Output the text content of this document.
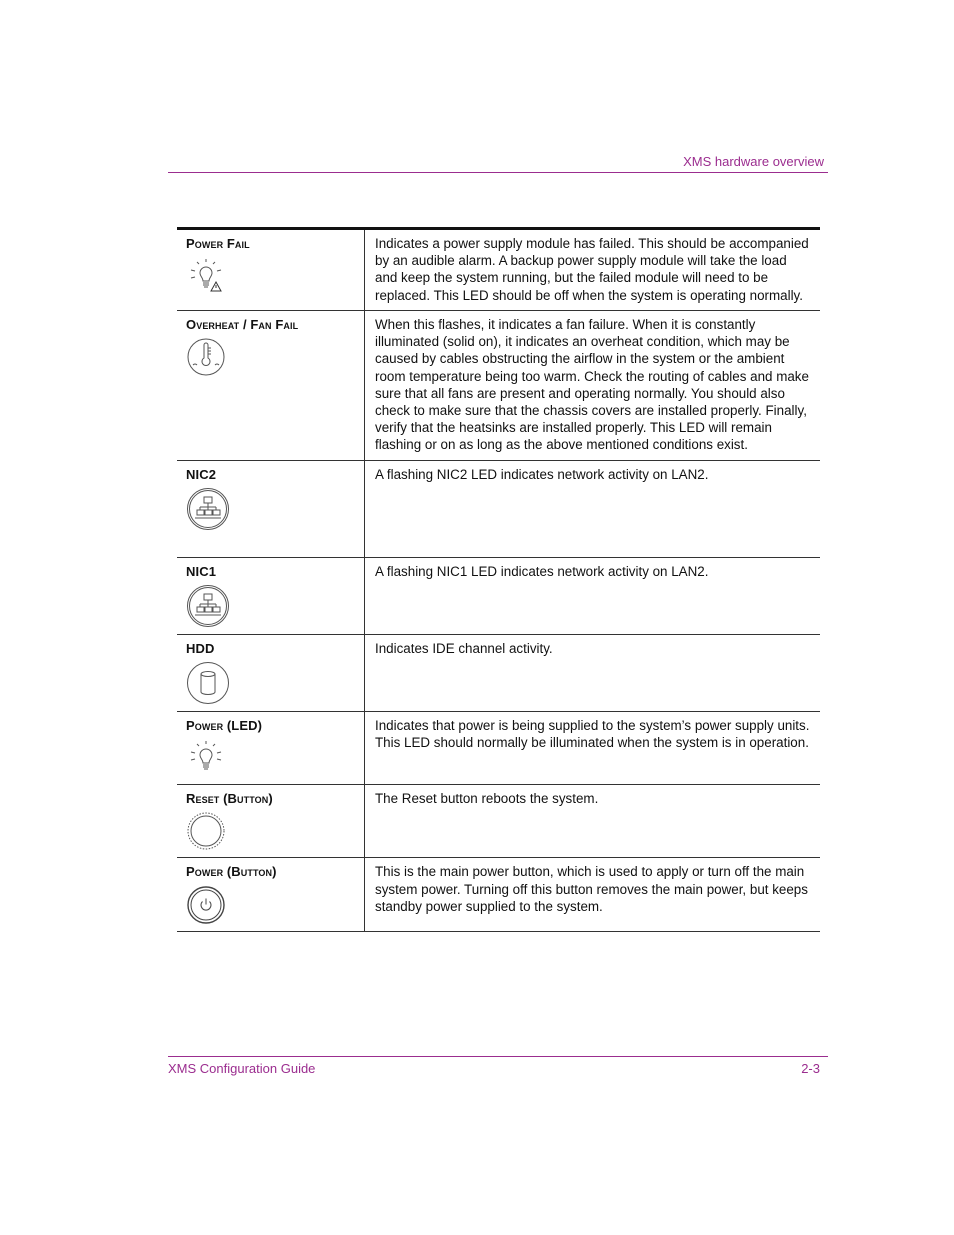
XMS hardware overview
Power Fail	Indicates a power supply module has failed. This should be accompanied by an audible alarm. A backup power supply module will take the load and keep the system running, but the failed module will need to be replaced. This LED should be off when the system is operating normally.

Overheat / Fan Fail	When this flashes, it indicates a fan failure. When it is constantly illuminated (solid on), it indicates an overheat condition, which may be caused by cables obstructing the airflow in the system or the ambient room temperature being too warm. Check the routing of cables and make sure that all fans are present and operating normally. You should also check to make sure that the chassis covers are installed properly. Finally, verify that the heatsinks are installed properly. This LED will remain flashing or on as long as the above mentioned conditions exist.

NIC2	A flashing NIC2 LED indicates network activity on LAN2.

NIC1	A flashing NIC1 LED indicates network activity on LAN2.

HDD	Indicates IDE channel activity.

Power (LED)	Indicates that power is being supplied to the system’s power supply units. This LED should normally be illuminated when the system is in operation.

Reset (Button)	The Reset button reboots the system.

Power (Button)	This is the main power button, which is used to apply or turn off the main system power. Turning off this button removes the main power, but keeps standby power supplied to the system.
XMS Configuration Guide	2-3
